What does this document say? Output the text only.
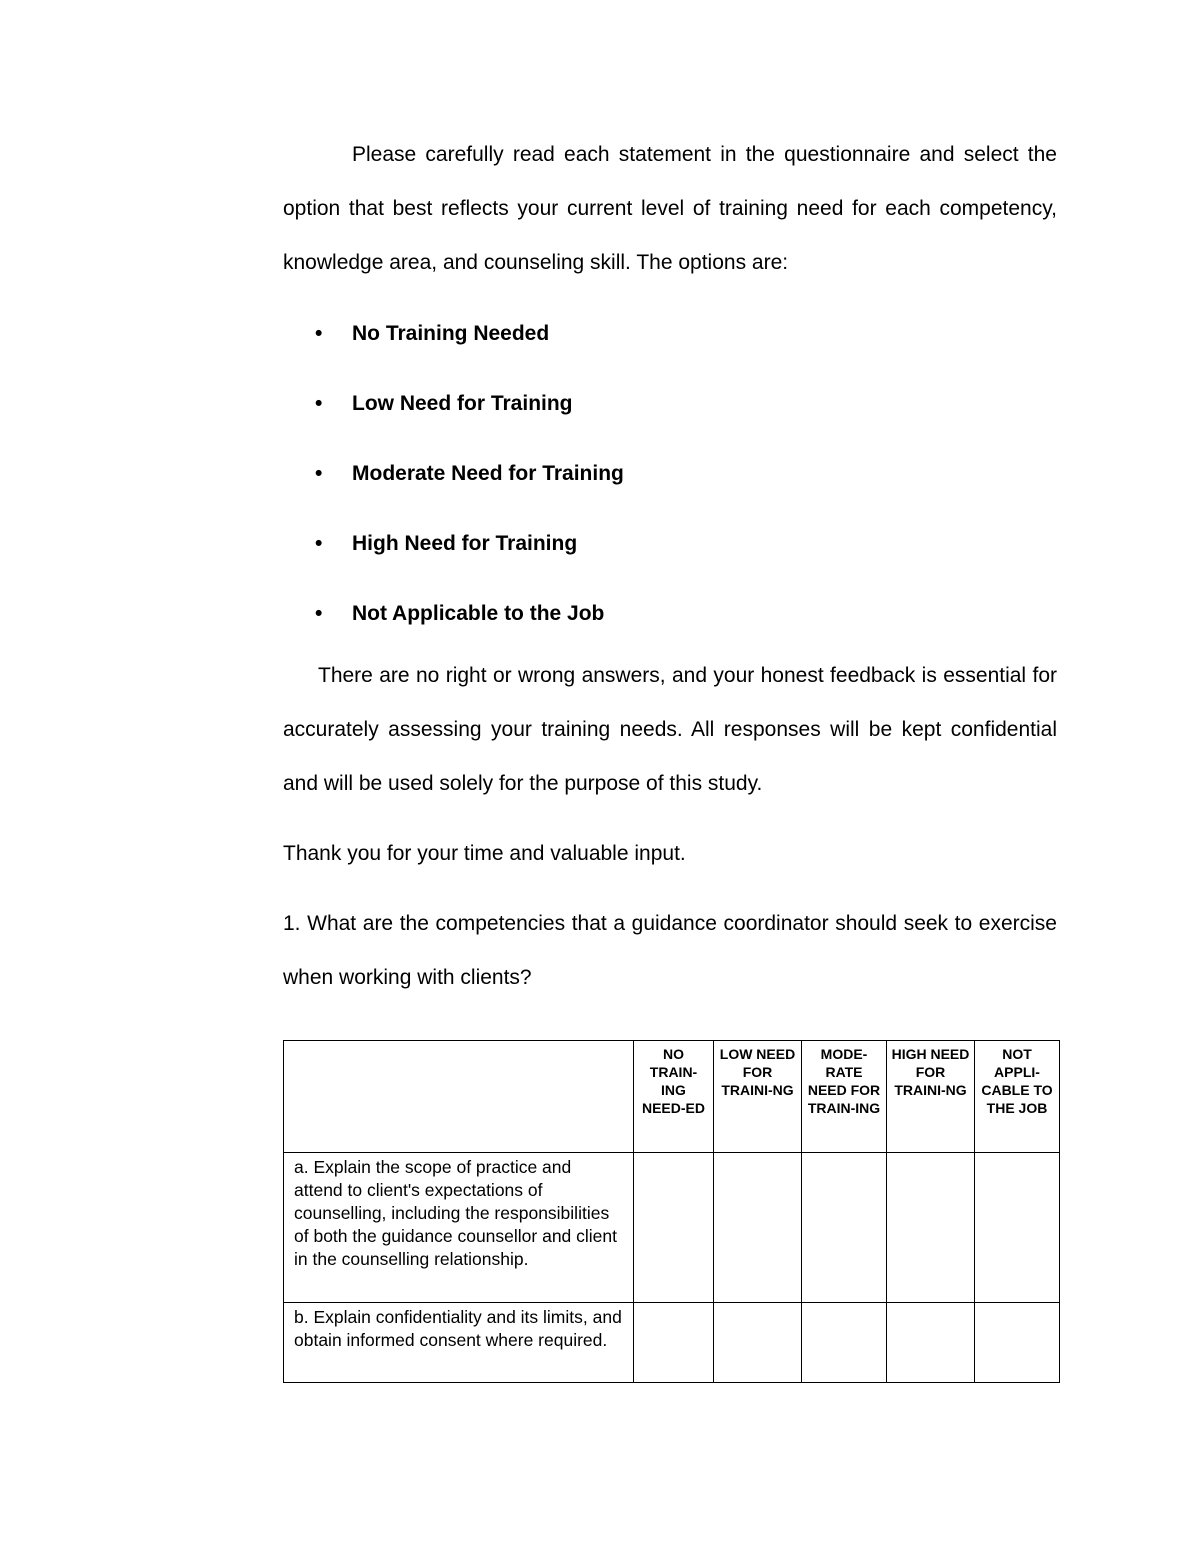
Please carefully read each statement in the questionnaire and select the option that best reflects your current level of training need for each competency, knowledge area, and counseling skill. The options are:

• No Training Needed
• Low Need for Training
• Moderate Need for Training
• High Need for Training
• Not Applicable to the Job

There are no right or wrong answers, and your honest feedback is essential for accurately assessing your training needs. All responses will be kept confidential and will be used solely for the purpose of this study.

Thank you for your time and valuable input.

1. What are the competencies that a guidance coordinator should seek to exercise when working with clients?

	NO TRAIN-ING NEED-ED	LOW NEED FOR TRAINI-NG	MODE-RATE NEED FOR TRAIN-ING	HIGH NEED FOR TRAINI-NG	NOT APPLI-CABLE TO THE JOB
a. Explain the scope of practice and attend to client's expectations of counselling, including the responsibilities of both the guidance counsellor and client in the counselling relationship.					
b. Explain confidentiality and its limits, and obtain informed consent where required.					
